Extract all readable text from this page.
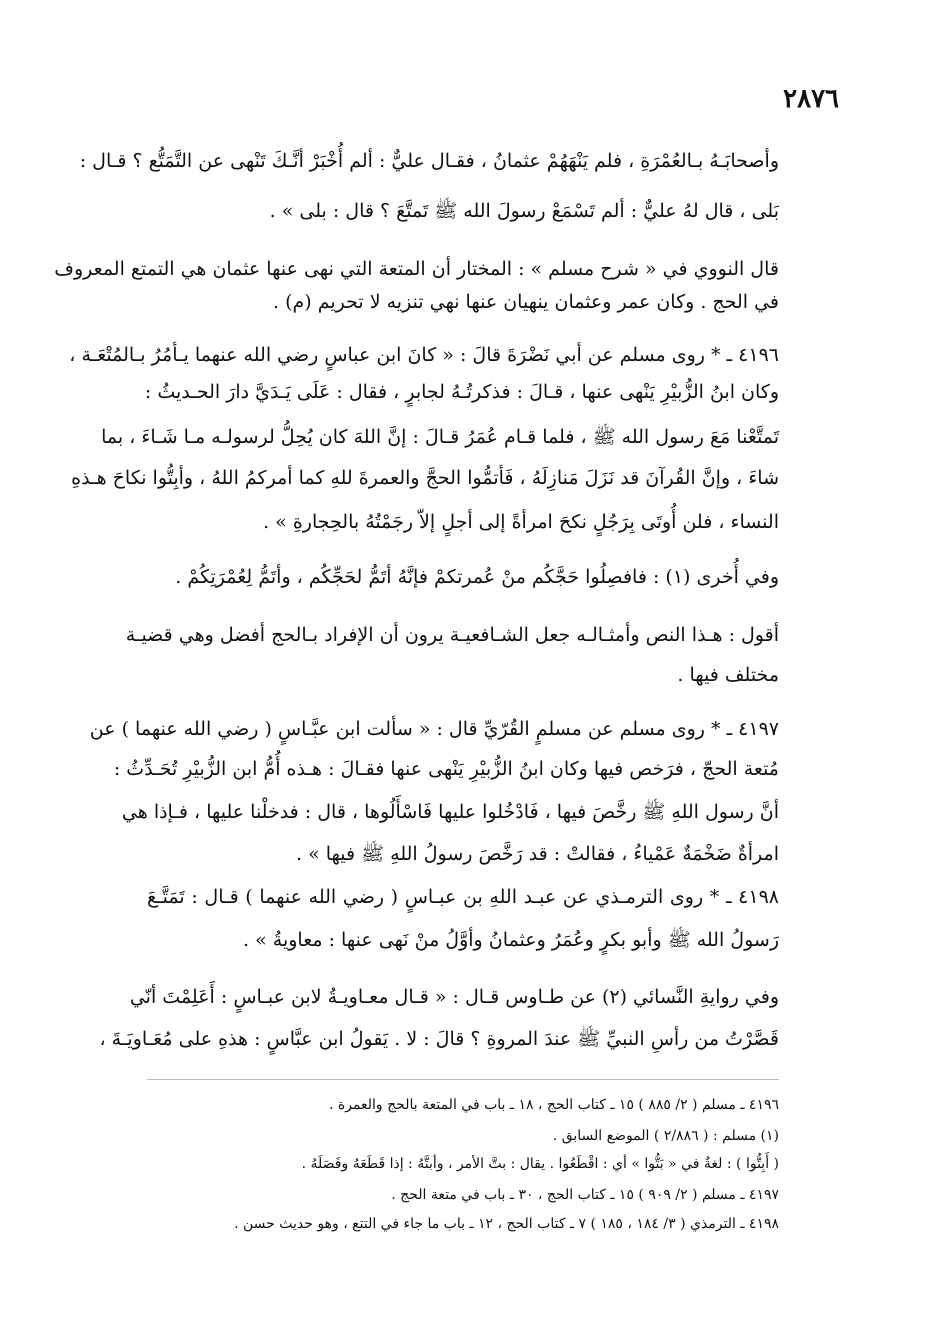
٢٨٧٦
وأصحابَـهُ بـالعُمْرَةِ ، فلم يَنْهَهُمْ عثمانُ ، فقـال عليٌّ : ألم أُخْبَرْ أنَّـكَ تَنْهى عن التَّمَتُّع ؟ قـال :
بَلى ، قال لهُ عليٌّ : ألم تَسْمَعْ رسولَ الله ﷺ تَمتَّعَ ؟ قال : بلى » .
قال النووي في « شرح مسلم » : المختار أن المتعة التي نهى عنها عثمان هي التمتع المعروف
في الحج . وكان عمر وعثمان ينهيان عنها نهي تنزيه لا تحريم (م) .
٤١٩٦ ـ * روى مسلم عن أبي نَضْرَةَ قالَ : « كانَ ابن عباسٍ رضي الله عنهما يـأمُرُ بـالمُتْعَـة ،
وكان ابنُ الزُّبيْرِ يَنْهى عنها ، قـالَ : فذكرتُـهُ لجابرٍ ، فقال : عَلَى يَـدَيَّ دارَ الحـديثُ :
تَمتَّعْنا مَعَ رسول الله ﷺ ، فلما قـام عُمَرُ قـالَ : إنَّ اللهَ كان يُحِلُّ لرسولـه مـا شَـاءَ ، بما
شاءَ ، وإنَّ القُرآنَ قد نَزَلَ مَنازِلَهُ ، فَأتمُّوا الحجَّ والعمرةَ للهِ كما أمركمُ اللهُ ، وأبِتُّوا نكاحَ هـذهِ
النساء ، فلن أُوتَى بِرَجُلٍ نكحَ امرأةً إلى أجلٍ إلاّ رجَمْتُهُ بالحِجارةِ » .
وفي أُخرى (١) : فافصِلُوا حَجَّكُم منْ عُمرتكمْ فإنَّهُ أتَمُّ لحَجِّكُم ، وأتَمُّ لِعُمْرَتِكُمْ .
أقول : هـذا النص وأمثـالـه جعل الشـافعيـة يرون أن الإفراد بـالحج أفضل وهي قضيـة
مختلف فيها .
٤١٩٧ ـ * روى مسلم عن مسلمٍ القُرّيِّ قال : « سألت ابن عبَّـاسٍ ( رضي الله عنهما ) عن
مُتعة الحجّ ، فرَخص فيها وكان ابنُ الزُّبيْرِ يَنْهى عنها فقـالَ : هـذه أُمُّ ابن الزُّبيْرِ تُحَـدِّثُ :
أنَّ رسول اللهِ ﷺ رخَّصَ فيها ، فَادْخُلوا عليها فَاسْأَلُوها ، قال : فدخلْنا عليها ، فـإذا هي
امرأةٌ ضَخْمَةٌ عَمْياءُ ، فقالتْ : قد رَخَّصَ رسولُ اللهِ ﷺ فيها » .
٤١٩٨ ـ * روى الترمـذي عن عبـد اللهِ بن عبـاسٍ ( رضي الله عنهما ) قـال : تَمَتَّـعَ
رَسولُ الله ﷺ وأبو بكرٍ وعُمَرُ وعثمانُ وأوَّلُ منْ نَهى عنها : معاويةُ » .
وفي روايةِ النَّسائي (٢) عن طـاوس قـال : « قـال معـاويـةُ لابن عبـاسٍ : أَعَلِمْتَ أنّي
قَصَّرْتُ من رأسِ النبيِّ ﷺ عندَ المروةِ ؟ قالَ : لا . يَقولُ ابن عبَّاسٍ : هذهِ على مُعَـاويَـةَ ،
٤١٩٦ ـ مسلم ( ٢/ ٨٨٥ ) ١٥ ـ كتاب الحج ، ١٨ ـ باب في المتعة بالحج والعمرة .
(١) مسلم : ( ٢/٨٨٦ ) الموضع السابق .
( أَبِتُّوا ) : لغةٌ في « بَتُّوا » أي : اقْطَعُوا . يقال : بتَّ الأمر ، وأبتَّهُ : إذا قَطَعَهُ وفَصَلَهُ .
٤١٩٧ ـ مسلم ( ٢/ ٩٠٩ ) ١٥ ـ كتاب الحج ، ٣٠ ـ باب في متعة الحج .
٤١٩٨ ـ الترمذي ( ٣/ ١٨٤ ، ١٨٥ ) ٧ ـ كتاب الحج ، ١٢ ـ باب ما جاء في التتع ، وهو حديث حسن .
